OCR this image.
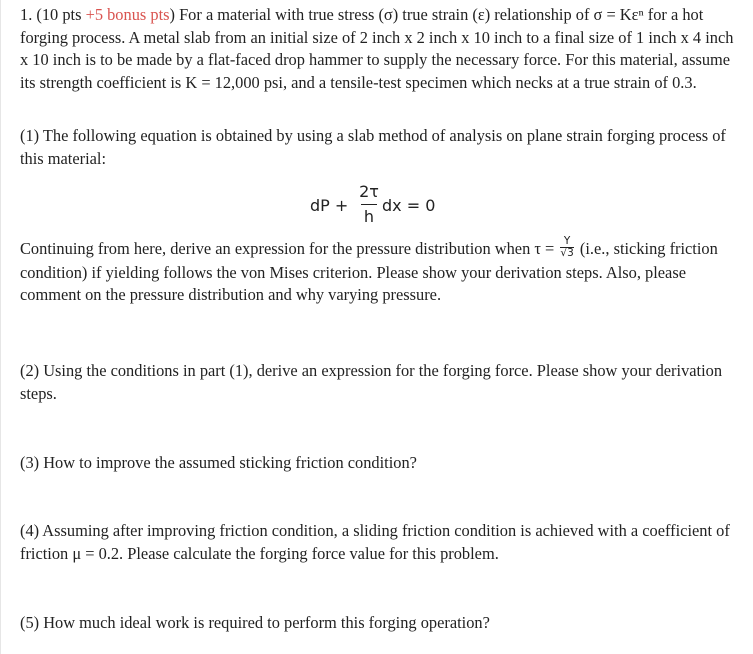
1. (10 pts +5 bonus pts) For a material with true stress (σ) true strain (ε) relationship of σ = Kεⁿ for a hot forging process. A metal slab from an initial size of 2 inch x 2 inch x 10 inch to a final size of 1 inch x 4 inch x 10 inch is to be made by a flat-faced drop hammer to supply the necessary force. For this material, assume its strength coefficient is K = 12,000 psi, and a tensile-test specimen which necks at a true strain of 0.3.

(1) The following equation is obtained by using a slab method of analysis on plane strain forging process of this material:

dP +
2τ
h
dx = 0

Continuing from here, derive an expression for the pressure distribution when $\tau = \frac{Y}{√3} (i.e$., sticking friction condition) if yielding follows the von Mises criterion. Please show your derivation steps. Also, please comment on the pressure distribution and why varying pressure.

(2) Using the conditions in part (1), derive an expression for the forging force. Please show your derivation steps.

(3) How to improve the assumed sticking friction condition?

(4) Assuming after improving friction condition, a sliding friction condition is achieved with a coefficient of friction μ = 0.2. Please calculate the forging force value for this problem.

(5) How much ideal work is required to perform this forging operation?
